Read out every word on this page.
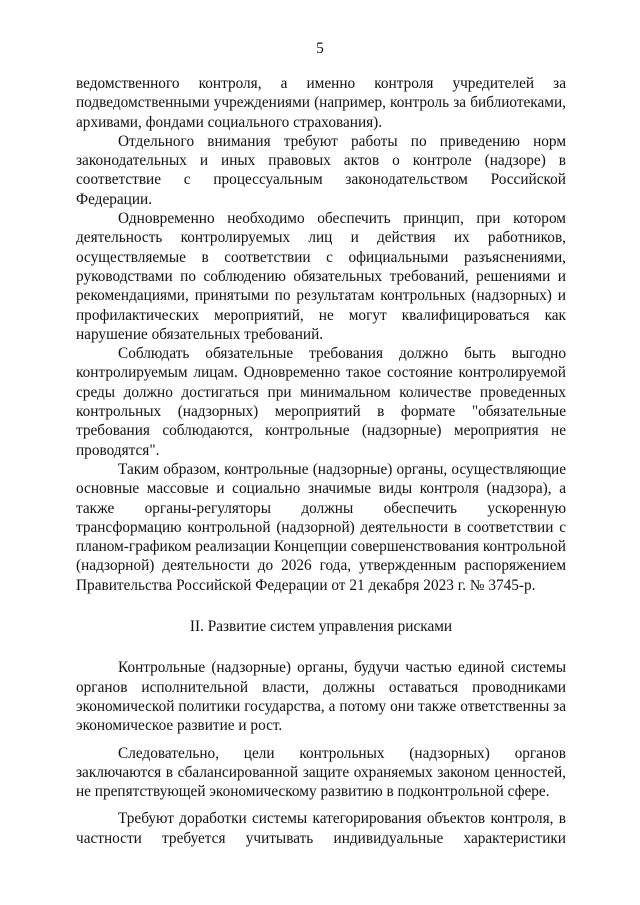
5

ведомственного контроля, а именно контроля учредителей за подведомственными учреждениями (например, контроль за библиотеками, архивами, фондами социального страхования).

Отдельного внимания требуют работы по приведению норм законодательных и иных правовых актов о контроле (надзоре) в соответствие с процессуальным законодательством Российской Федерации.

Одновременно необходимо обеспечить принцип, при котором деятельность контролируемых лиц и действия их работников, осуществляемые в соответствии с официальными разъяснениями, руководствами по соблюдению обязательных требований, решениями и рекомендациями, принятыми по результатам контрольных (надзорных) и профилактических мероприятий, не могут квалифицироваться как нарушение обязательных требований.

Соблюдать обязательные требования должно быть выгодно контролируемым лицам. Одновременно такое состояние контролируемой среды должно достигаться при минимальном количестве проведенных контрольных (надзорных) мероприятий в формате "обязательные требования соблюдаются, контрольные (надзорные) мероприятия не проводятся".

Таким образом, контрольные (надзорные) органы, осуществляющие основные массовые и социально значимые виды контроля (надзора), а также органы-регуляторы должны обеспечить ускоренную трансформацию контрольной (надзорной) деятельности в соответствии с планом-графиком реализации Концепции совершенствования контрольной (надзорной) деятельности до 2026 года, утвержденным распоряжением Правительства Российской Федерации от 21 декабря 2023 г. № 3745-р.

II. Развитие систем управления рисками

Контрольные (надзорные) органы, будучи частью единой системы органов исполнительной власти, должны оставаться проводниками экономической политики государства, а потому они также ответственны за экономическое развитие и рост.

Следовательно, цели контрольных (надзорных) органов заключаются в сбалансированной защите охраняемых законом ценностей, не препятствующей экономическому развитию в подконтрольной сфере.

Требуют доработки системы категорирования объектов контроля, в частности требуется учитывать индивидуальные характеристики
